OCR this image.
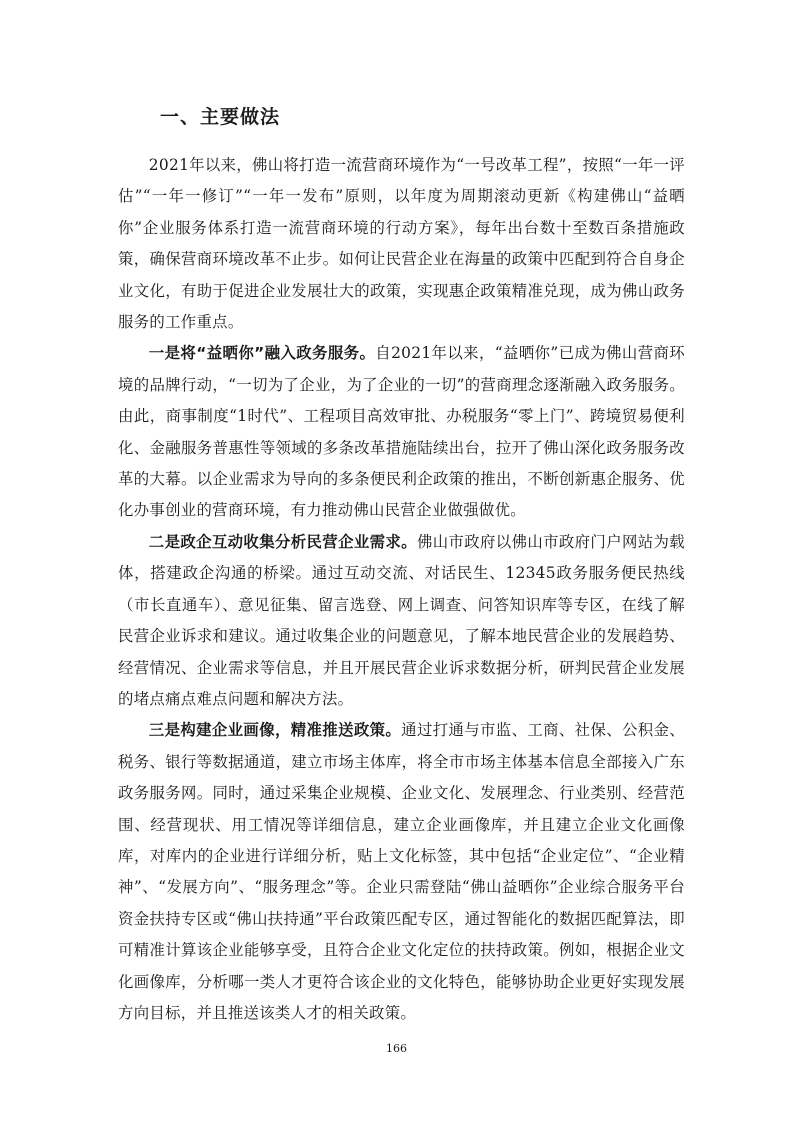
一、主要做法

2021年以来，佛山将打造一流营商环境作为“一号改革工程”，按照“一年一评估”“一年一修订”“一年一发布”原则，以年度为周期滚动更新《构建佛山“益晒你”企业服务体系打造一流营商环境的行动方案》，每年出台数十至数百条措施政策，确保营商环境改革不止步。如何让民营企业在海量的政策中匹配到符合自身企业文化，有助于促进企业发展壮大的政策，实现惠企政策精准兑现，成为佛山政务服务的工作重点。

一是将“益晒你”融入政务服务。自2021年以来，“益晒你”已成为佛山营商环境的品牌行动，“一切为了企业，为了企业的一切”的营商理念逐渐融入政务服务。由此，商事制度“1时代”、工程项目高效审批、办税服务“零上门”、跨境贸易便利化、金融服务普惠性等领域的多条改革措施陆续出台，拉开了佛山深化政务服务改革的大幕。以企业需求为导向的多条便民利企政策的推出，不断创新惠企服务、优化办事创业的营商环境，有力推动佛山民营企业做强做优。

二是政企互动收集分析民营企业需求。佛山市政府以佛山市政府门户网站为载体，搭建政企沟通的桥梁。通过互动交流、对话民生、12345政务服务便民热线（市长直通车）、意见征集、留言选登、网上调查、问答知识库等专区，在线了解民营企业诉求和建议。通过收集企业的问题意见，了解本地民营企业的发展趋势、经营情况、企业需求等信息，并且开展民营企业诉求数据分析，研判民营企业发展的堵点痛点难点问题和解决方法。

三是构建企业画像，精准推送政策。通过打通与市监、工商、社保、公积金、税务、银行等数据通道，建立市场主体库，将全市市场主体基本信息全部接入广东政务服务网。同时，通过采集企业规模、企业文化、发展理念、行业类别、经营范围、经营现状、用工情况等详细信息，建立企业画像库，并且建立企业文化画像库，对库内的企业进行详细分析，贴上文化标签，其中包括“企业定位”、“企业精神”、“发展方向”、“服务理念”等。企业只需登陆“佛山益晒你”企业综合服务平台资金扶持专区或“佛山扶持通”平台政策匹配专区，通过智能化的数据匹配算法，即可精准计算该企业能够享受，且符合企业文化定位的扶持政策。例如，根据企业文化画像库，分析哪一类人才更符合该企业的文化特色，能够协助企业更好实现发展方向目标，并且推送该类人才的相关政策。

166
